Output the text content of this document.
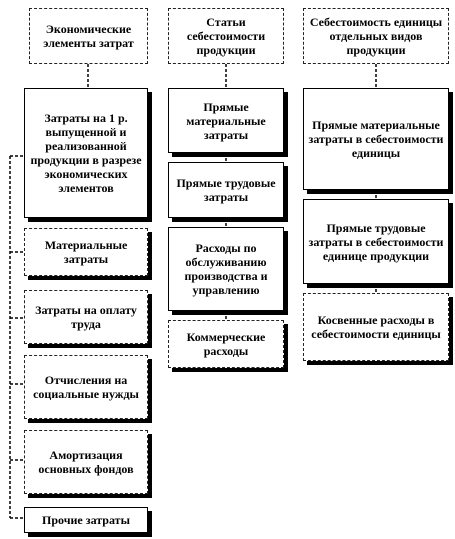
Экономические элементы затрат
Статьи себестоимости продукции
Себестоимость единицы отдельных видов продукции
Затраты на 1 р. выпущенной и реализованной продукции в разрезе экономических элементов
Материальные затраты
Затраты на оплату труда
Отчисления на социальные нужды
Амортизация основных фондов
Прочие затраты
Прямые материальные затраты
Прямые трудовые затраты
Расходы по обслуживанию производства и управлению
Коммерческие расходы
Прямые материальные затраты в себестоимости единицы
Прямые трудовые затраты в себестоимости единице продукции
Косвенные расходы в себестоимости единицы
